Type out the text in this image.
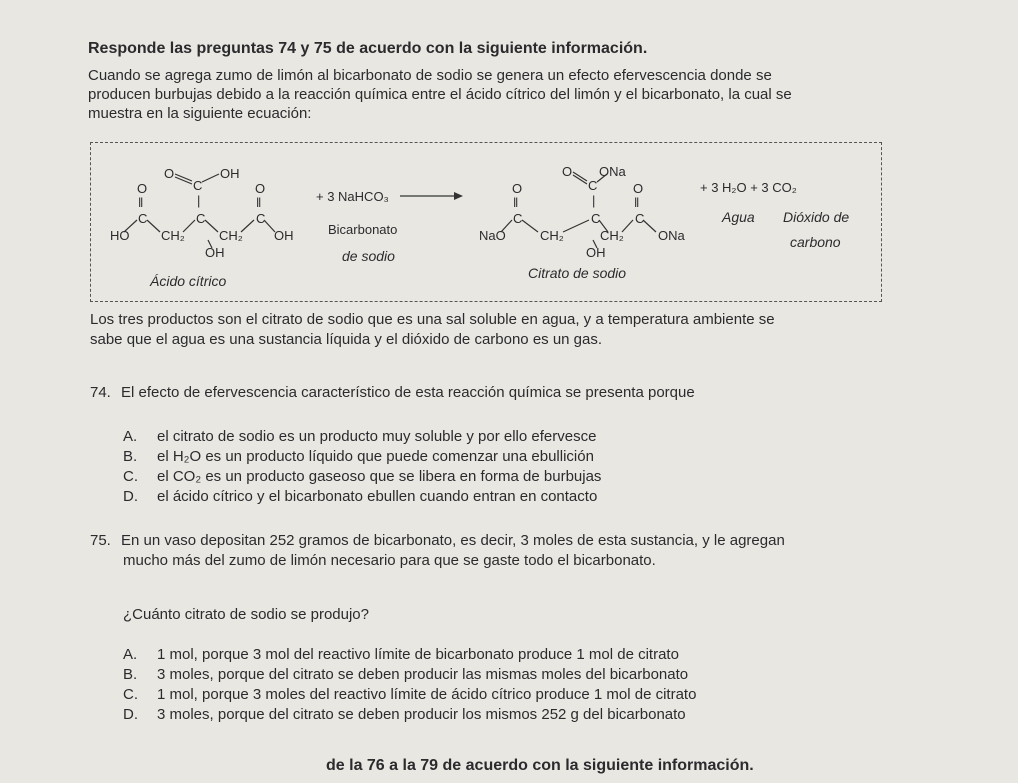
Responde las preguntas 74 y 75 de acuerdo con la siguiente información.
Cuando se agrega zumo de limón al bicarbonato de sodio se genera un efecto efervescencia donde se
producen burbujas debido a la reacción química entre el ácido cítrico del limón y el bicarbonato, la cual se
muestra en la siguiente ecuación:
O	OH
C
O	O
‖	‖
|
C	C	C
HO CH₂	CH₂ OH
OH
Ácido cítrico
+ 3 NaHCO₃
Bicarbonato
de sodio
O ONa
C
O	O
‖	‖
|
C	C	C
NaO	CH₂	CH₂	ONa
OH
Citrato de sodio
+ 3 H₂O + 3 CO₂
Agua Dióxido de
carbono
Los tres productos son el citrato de sodio que es una sal soluble en agua, y a temperatura ambiente se
sabe que el agua es una sustancia líquida y el dióxido de carbono es un gas.
74. El efecto de efervescencia característico de esta reacción química se presenta porque
A. el citrato de sodio es un producto muy soluble y por ello efervesce
B. el H₂O es un producto líquido que puede comenzar una ebullición
C. el CO₂ es un producto gaseoso que se libera en forma de burbujas
D. el ácido cítrico y el bicarbonato ebullen cuando entran en contacto
75. En un vaso depositan 252 gramos de bicarbonato, es decir, 3 moles de esta sustancia, y le agregan
mucho más del zumo de limón necesario para que se gaste todo el bicarbonato.
¿Cuánto citrato de sodio se produjo?
A. 1 mol, porque 3 mol del reactivo límite de bicarbonato produce 1 mol de citrato
B. 3 moles, porque del citrato se deben producir las mismas moles del bicarbonato
C. 1 mol, porque 3 moles del reactivo límite de ácido cítrico produce 1 mol de citrato
D. 3 moles, porque del citrato se deben producir los mismos 252 g del bicarbonato
de la 76 a la 79 de acuerdo con la siguiente información.
